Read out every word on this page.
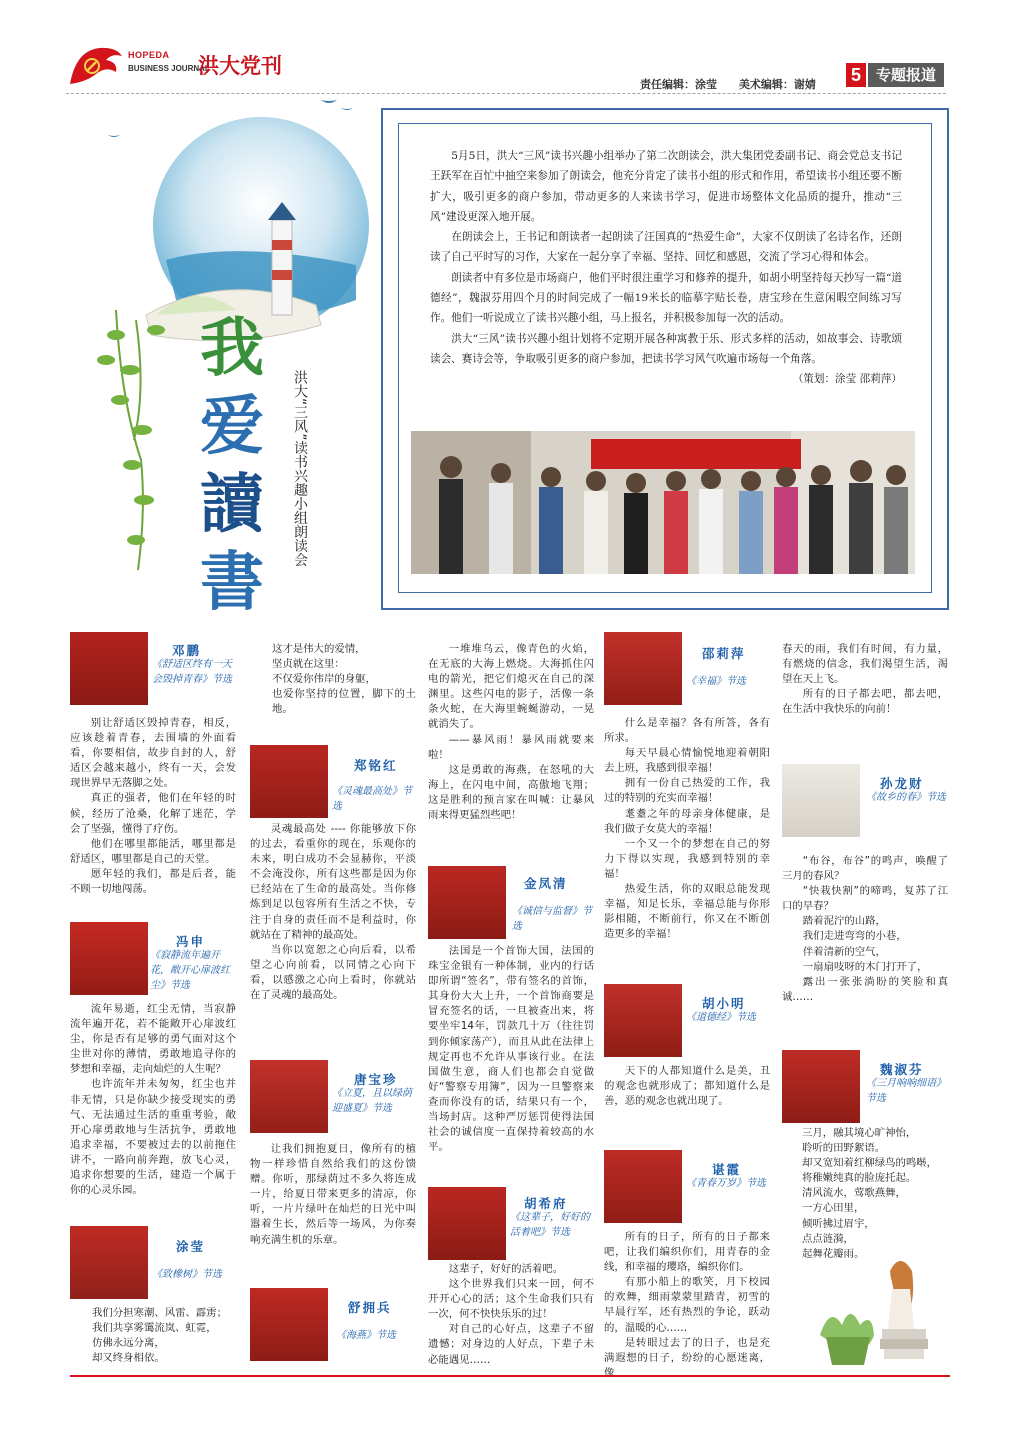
HOPEDA
BUSINESS JOURNAL
洪大党刊
责任编辑：涂莹 美术编辑：谢婧	5	专题报道
我
爱
讀
書
洪大“三风”读书兴趣小组朗读会

5月5日，洪大“三风”读书兴趣小组举办了第二次朗读会，洪大集团党委副书记、商会党总支书记王跃军在百忙中抽空来参加了朗读会，他充分肯定了读书小组的形式和作用，希望读书小组还要不断扩大，吸引更多的商户参加，带动更多的人来读书学习，促进市场整体文化品质的提升，推动“三风”建设更深入地开展。

在朗读会上，王书记和朗读者一起朗读了汪国真的“热爱生命”，大家不仅朗读了名诗名作，还朗读了自己平时写的习作，大家在一起分享了幸福、坚持、回忆和感恩，交流了学习心得和体会。

朗读者中有多位是市场商户，他们平时很注重学习和修养的提升，如胡小明坚持每天抄写一篇“道德经”，魏淑芬用四个月的时间完成了一幅19米长的临摹字贴长卷，唐宝珍在生意闲暇空间练习写作。他们一听说成立了读书兴趣小组，马上报名，并积极参加每一次的活动。

洪大“三风”读书兴趣小组计划将不定期开展各种寓教于乐、形式多样的活动，如故事会、诗歌颂读会、赛诗会等，争取吸引更多的商户参加，把读书学习风气吹遍市场每一个角落。

（策划：涂莹 邵莉萍）
邓鹏
《舒适区终有一天会毁掉青春》节选

别让舒适区毁掉青春，相反，应该趁着青春，去围墙的外面看看，你要相信，故步自封的人，舒适区会越来越小，终有一天，会发现世界早无落脚之处。

真正的强者，他们在年轻的时候，经历了沧桑，化解了迷茫，学会了坚强，懂得了疗伤。

他们在哪里都能活，哪里都是舒适区，哪里都是自己的天堂。

愿年轻的我们，都是后者，能不顾一切地闯荡。

冯申
《寂静流年遍开花，敞开心扉波红尘》节选

流年易逝，红尘无情，当寂静流年遍开花，若不能敞开心扉波红尘，你是否有足够的勇气面对这个尘世对你的薄情，勇敢地追寻你的梦想和幸福，走向灿烂的人生呢？

也许流年并未匆匆，红尘也并非无情，只是你缺少接受现实的勇气、无法通过生活的重重考验，敞开心扉勇敢地与生活抗争，勇敢地追求幸福，不要被过去的以前拖住讲不，一路向前奔跑，放飞心灵，追求你想要的生活，建造一个属于你的心灵乐园。

涂莹
《致橡树》节选

我们分担寒潮、风雷、霹雳；

我们共享雾霭流岚、虹霓，

仿佛永远分离，

却又终身相依。

这才是伟大的爱情，

坚贞就在这里：

不仅爱你伟岸的身躯，

也爱你坚持的位置，脚下的土地。

郑铭红
《灵魂最高处》节选

灵魂最高处 ---- 你能够放下你的过去，看重你的现在，乐观你的未来，明白成功不会显赫你，平淡不会淹没你，所有这些都是因为你已经站在了生命的最高处。当你修炼到足以包容所有生活之不快，专注于自身的责任而不是利益时，你就站在了精神的最高处。

当你以宽恕之心向后看，以希望之心向前看，以同情之心向下看，以感激之心向上看时，你就站在了灵魂的最高处。

唐宝珍
《立夏，且以绿荫迎盛夏》节选

让我们拥抱夏日，像所有的植物一样珍惜自然给我们的这份馈赠。你听，那绿荫过不多久将连成一片，给夏日带来更多的清凉，你听，一片片绿叶在灿烂的日光中叫嚣着生长，然后等一场风，为你奏响充满生机的乐章。

舒拥兵
《海燕》节选

一堆堆乌云，像青色的火焰，在无底的大海上燃烧。大海抓住闪电的箭光，把它们熄灭在自己的深渊里。这些闪电的影子，活像一条条火蛇，在大海里蜿蜒游动，一晃就消失了。

——暴风雨！暴风雨就要来啦！

这是勇敢的海燕，在怒吼的大海上，在闪电中间，高傲地飞翔；这是胜利的预言家在叫喊：让暴风雨来得更猛烈些吧！

金凤清
《诚信与监督》节选

法国是一个首饰大国，法国的珠宝金银有一种体制，业内的行话即所谓“签名”，带有签名的首饰，其身份大大上升，一个首饰商要是冒充签名的话，一旦被查出来，将要坐牢14年，罚款几十万（往往罚到你倾家荡产），而且从此在法律上规定再也不允许从事该行业。在法国做生意，商人们也都会自觉做好“警察专用簿”，因为一旦警察来查而你没有的话，结果只有一个，当场封店。这种严厉惩罚使得法国社会的诚信度一直保持着较高的水平。

胡希府
《这辈子，好好的活着吧》节选

这辈子，好好的活着吧。

这个世界我们只来一回，何不开开心心的活；这个生命我们只有一次，何不快快乐乐的过！

对自己的心好点，这辈子不留遗憾；对身边的人好点，下辈子未必能遇见……

邵莉萍
《幸福》节选

什么是幸福？各有所答，各有所求。

每天早晨心情愉悦地迎着朝阳去上班，我感到很幸福！

拥有一份自己热爱的工作，我过的特别的充实而幸福！

耄耋之年的母亲身体健康，是我们做子女莫大的幸福！

一个又一个的梦想在自己的努力下得以实现，我感到特别的幸福！

热爱生活，你的双眼总能发现幸福，知足长乐，幸福总能与你形影相随，不断前行，你又在不断创造更多的幸福！

胡小明
《道德经》节选

天下的人都知道什么是美，丑的观念也就形成了；都知道什么是善，恶的观念也就出现了。

谌霞
《青春万岁》节选

所有的日子，所有的日子都来吧，让我们编织你们，用青春的金线，和幸福的璎珞，编织你们。

有那小船上的歌笑，月下校园的欢舞，细雨蒙蒙里踏青，初雪的早晨行军，还有热烈的争论，跃动的，温暖的心……

是转眼过去了的日子，也是充满遐想的日子，纷纷的心愿迷离，像

春天的雨，我们有时间，有力量，有燃烧的信念，我们渴望生活，渴望在天上飞。

所有的日子都去吧，都去吧，在生活中我快乐的向前！

孙龙财
《故乡的春》节选

“布谷，布谷”的鸣声，唤醒了三月的春风？

“快栽快割”的啼鸣，复苏了江口的早春？

踏着泥泞的山路，

我们走进弯弯的小巷，

伴着清新的空气，

一扇扇吱呀的木门打开了，

露出一张张淌盼的笑脸和真诚……

魏淑芬
《三月响响细语》节选

三月，融其境心旷神怡，

聆听的田野絮语。

却又宽知着红柳绿鸟的鸣啭，

将稚嫩纯真的脸庞托起。

清风流水，莺歌燕舞，

一方心田里，

倾听拂过眉宇，

点点涟漪，

起舞花瓣雨。
